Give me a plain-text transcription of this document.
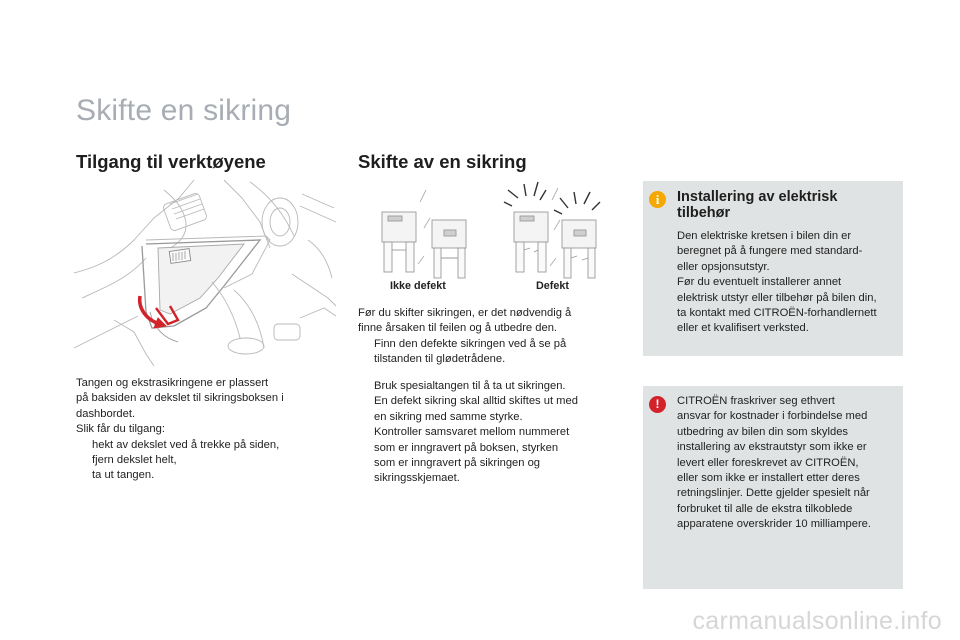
Skifte en sikring
Tilgang til verktøyene	Skifte av en sikring
Ikke defekt	Defekt
Tangen og ekstrasikringene er plassert
på baksiden av dekslet til sikringsboksen i
dashbordet.
Slik får du tilgang:
hekt av dekslet ved å trekke på siden,
fjern dekslet helt,
ta ut tangen.
Før du skifter sikringen, er det nødvendig å
finne årsaken til feilen og å utbedre den.
Finn den defekte sikringen ved å se på
tilstanden til glødetrådene.
Bruk spesialtangen til å ta ut sikringen.
En defekt sikring skal alltid skiftes ut med
en sikring med samme styrke.
Kontroller samsvaret mellom nummeret
som er inngravert på boksen, styrken
som er inngravert på sikringen og
sikringsskjemaet.
i	Installering av elektrisk
tilbehør
Den elektriske kretsen i bilen din er
beregnet på å fungere med standard-
eller opsjonsutstyr.
Før du eventuelt installerer annet
elektrisk utstyr eller tilbehør på bilen din,
ta kontakt med CITROËN-forhandlernett
eller et kvalifisert verksted.
!	CITROËN fraskriver seg ethvert
ansvar for kostnader i forbindelse med
utbedring av bilen din som skyldes
installering av ekstrautstyr som ikke er
levert eller foreskrevet av CITROËN,
eller som ikke er installert etter deres
retningslinjer. Dette gjelder spesielt når
forbruket til alle de ekstra tilkoblede
apparatene overskrider 10 milliampere.
carmanualsonline.info
